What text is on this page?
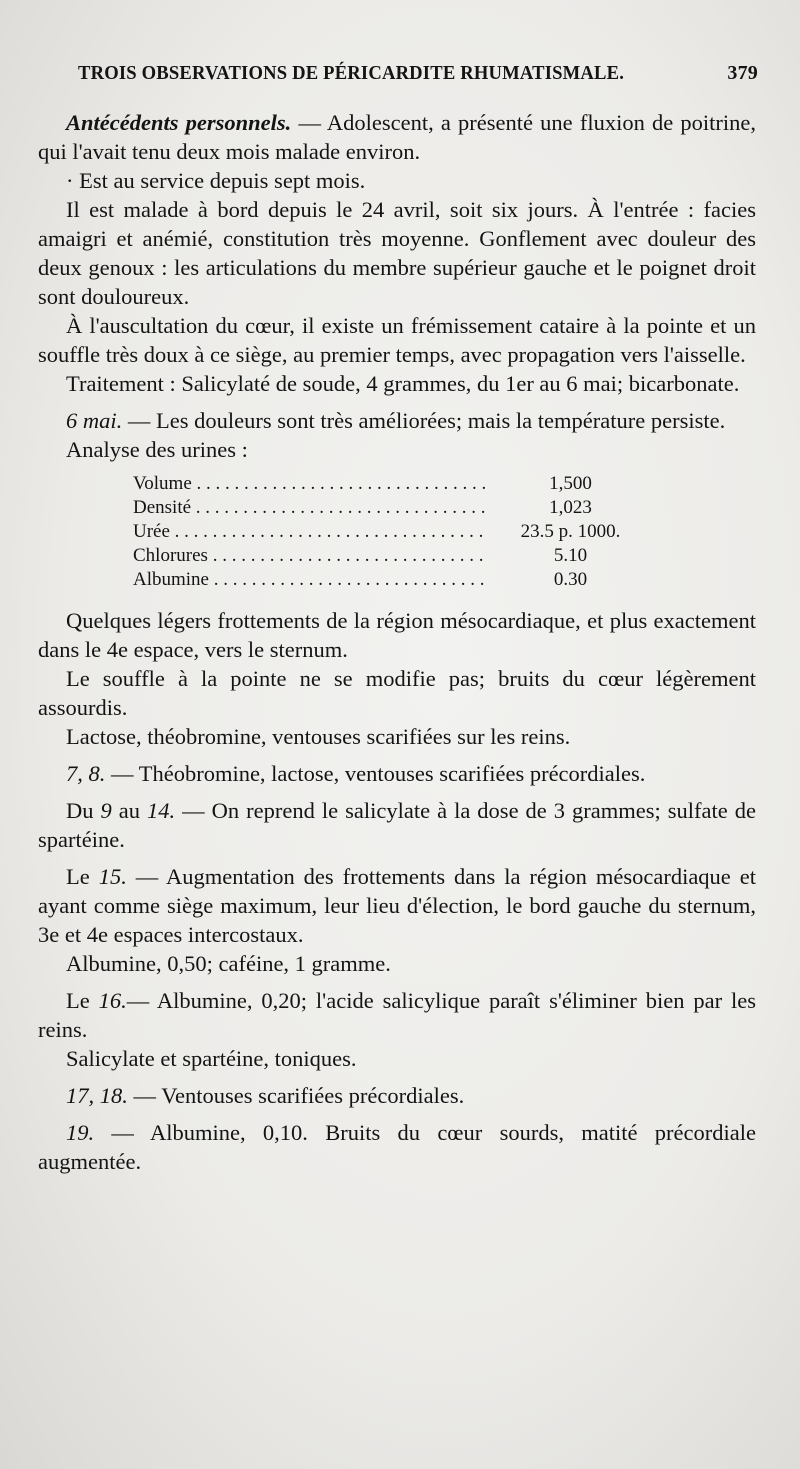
TROIS OBSERVATIONS DE PÉRICARDITE RHUMATISMALE.	379

Antécédents personnels. — Adolescent, a présenté une fluxion de poitrine, qui l'avait tenu deux mois malade environ.

· Est au service depuis sept mois.

Il est malade à bord depuis le 24 avril, soit six jours. À l'entrée : facies amaigri et anémié, constitution très moyenne. Gonflement avec douleur des deux genoux : les articulations du membre supérieur gauche et le poignet droit sont douloureux.

À l'auscultation du cœur, il existe un frémissement cataire à la pointe et un souffle très doux à ce siège, au premier temps, avec propagation vers l'aisselle.

Traitement : Salicylaté de soude, 4 grammes, du 1er au 6 mai; bicarbonate.

6 mai. — Les douleurs sont très améliorées; mais la température persiste.

Analyse des urines :

Volume . . .	1,500
Densité . . .	1,023
Urée . . .	23.5 p. 1000.
Chlorures . . .	5.10
Albumine . . .	0.30

Quelques légers frottements de la région mésocardiaque, et plus exactement dans le 4e espace, vers le sternum.

Le souffle à la pointe ne se modifie pas; bruits du cœur légèrement assourdis.

Lactose, théobromine, ventouses scarifiées sur les reins.

7, 8. — Théobromine, lactose, ventouses scarifiées précordiales.

Du 9 au 14. — On reprend le salicylate à la dose de 3 grammes; sulfate de spartéine.

Le 15. — Augmentation des frottements dans la région mésocardiaque et ayant comme siège maximum, leur lieu d'élection, le bord gauche du sternum, 3e et 4e espaces intercostaux.

Albumine, 0,50; caféine, 1 gramme.

Le 16.— Albumine, 0,20; l'acide salicylique paraît s'éliminer bien par les reins.

Salicylate et spartéine, toniques.

17, 18. — Ventouses scarifiées précordiales.

19. — Albumine, 0,10. Bruits du cœur sourds, matité précordiale augmentée.
